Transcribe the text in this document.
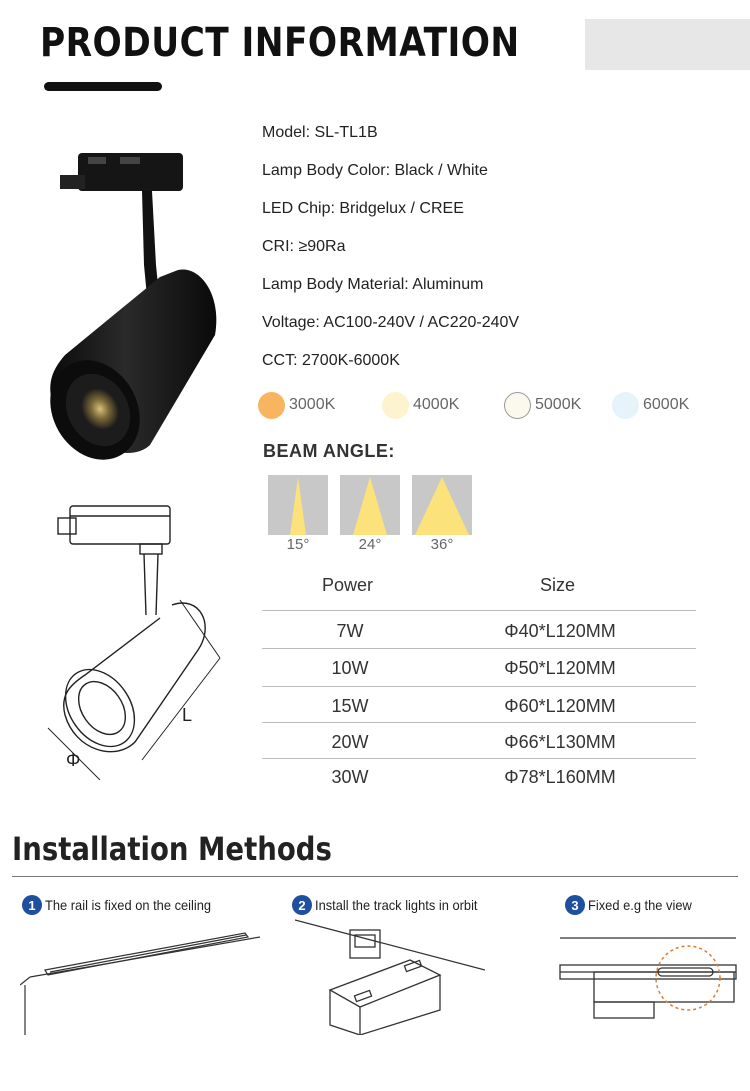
PRODUCT INFORMATION
L
Φ
Model: SL-TL1B
Lamp Body Color: Black / White
LED Chip: Bridgelux / CREE
CRI: ≥90Ra
Lamp Body Material: Aluminum
Voltage: AC100-240V / AC220-240V
CCT: 2700K-6000K
3000K	4000K	5000K	6000K
BEAM ANGLE:
15°	24°	36°
Power	Size
7W	Φ40*L120MM
10W	Φ50*L120MM
15W	Φ60*L120MM
20W	Φ66*L130MM
30W	Φ78*L160MM
Installation Methods
1 The rail is fixed on the ceiling	2 Install the track lights in orbit	3 Fixed e.g the view
